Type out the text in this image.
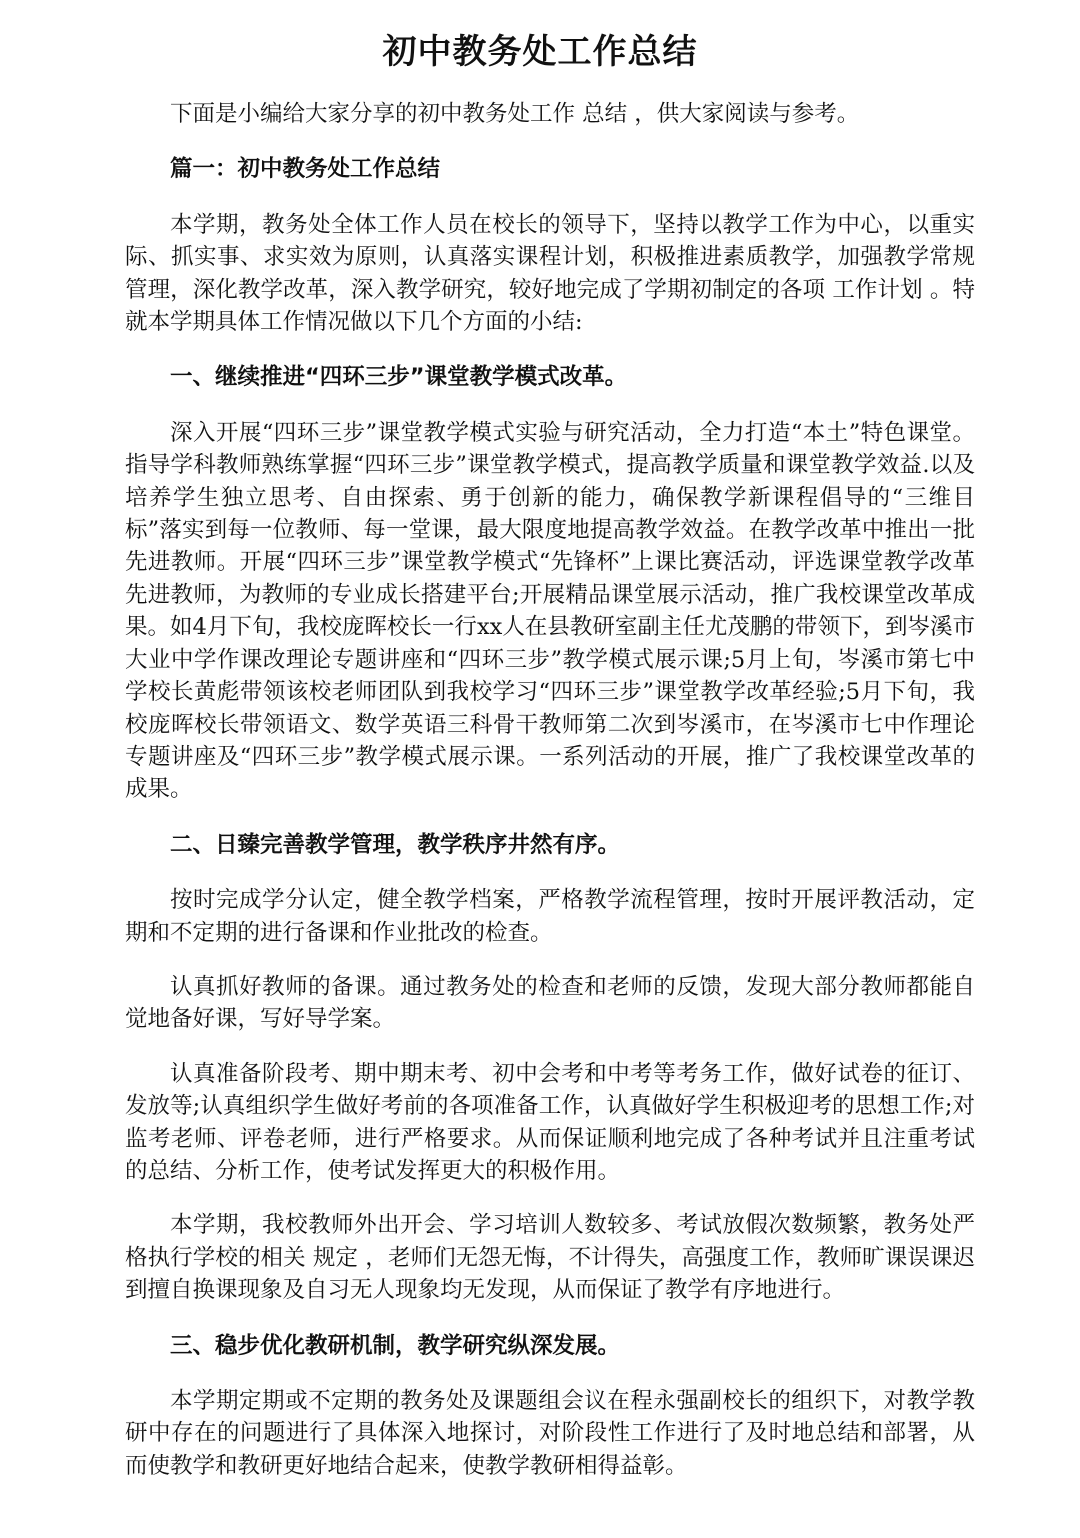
初中教务处工作总结

下面是小编给大家分享的初中教务处工作 总结 ，供大家阅读与参考。

篇一：初中教务处工作总结

本学期，教务处全体工作人员在校长的领导下，坚持以教学工作为中心，以重实际、抓实事、求实效为原则，认真落实课程计划，积极推进素质教学，加强教学常规管理，深化教学改革，深入教学研究，较好地完成了学期初制定的各项 工作计划 。特就本学期具体工作情况做以下几个方面的小结:

一、继续推进“四环三步”课堂教学模式改革。

深入开展“四环三步”课堂教学模式实验与研究活动，全力打造“本土”特色课堂。指导学科教师熟练掌握“四环三步”课堂教学模式，提高教学质量和课堂教学效益.以及培养学生独立思考、自由探索、勇于创新的能力，确保教学新课程倡导的“三维目标”落实到每一位教师、每一堂课，最大限度地提高教学效益。在教学改革中推出一批先进教师。开展“四环三步”课堂教学模式“先锋杯”上课比赛活动，评选课堂教学改革先进教师，为教师的专业成长搭建平台;开展精品课堂展示活动，推广我校课堂改革成果。如4月下旬，我校庞晖校长一行xx人在县教研室副主任尤茂鹏的带领下，到岑溪市大业中学作课改理论专题讲座和“四环三步”教学模式展示课;5月上旬，岑溪市第七中学校长黄彪带领该校老师团队到我校学习“四环三步”课堂教学改革经验;5月下旬，我校庞晖校长带领语文、数学英语三科骨干教师第二次到岑溪市，在岑溪市七中作理论专题讲座及“四环三步”教学模式展示课。一系列活动的开展，推广了我校课堂改革的成果。

二、日臻完善教学管理，教学秩序井然有序。

按时完成学分认定，健全教学档案，严格教学流程管理，按时开展评教活动，定期和不定期的进行备课和作业批改的检查。

认真抓好教师的备课。通过教务处的检查和老师的反馈，发现大部分教师都能自觉地备好课，写好导学案。

认真准备阶段考、期中期末考、初中会考和中考等考务工作，做好试卷的征订、发放等;认真组织学生做好考前的各项准备工作，认真做好学生积极迎考的思想工作;对监考老师、评卷老师，进行严格要求。从而保证顺利地完成了各种考试并且注重考试的总结、分析工作，使考试发挥更大的积极作用。

本学期，我校教师外出开会、学习培训人数较多、考试放假次数频繁，教务处严格执行学校的相关 规定 ，老师们无怨无悔，不计得失，高强度工作，教师旷课误课迟到擅自换课现象及自习无人现象均无发现，从而保证了教学有序地进行。

三、稳步优化教研机制，教学研究纵深发展。

本学期定期或不定期的教务处及课题组会议在程永强副校长的组织下，对教学教研中存在的问题进行了具体深入地探讨，对阶段性工作进行了及时地总结和部署，从而使教学和教研更好地结合起来，使教学教研相得益彰。
